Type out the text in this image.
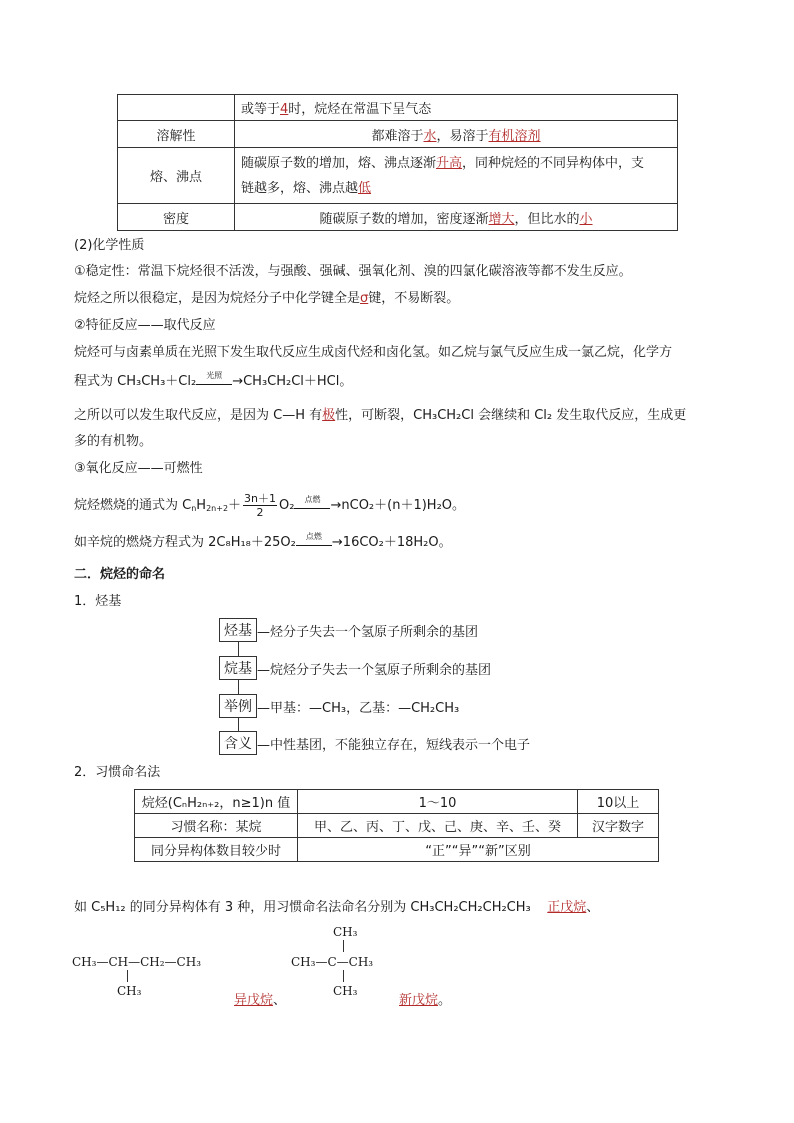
	或等于4时，烷烃在常温下呈气态
溶解性	都难溶于水，易溶于有机溶剂
熔、沸点	随碳原子数的增加，熔、沸点逐渐升高，同种烷烃的不同异构体中，支
链越多，熔、沸点越低
密度	随碳原子数的增加，密度逐渐增大，但比水的小
(2)化学性质
①稳定性：常温下烷烃很不活泼，与强酸、强碱、强氧化剂、溴的四氯化碳溶液等都不发生反应。
烷烃之所以很稳定，是因为烷烃分子中化学键全是σ键，不易断裂。
②特征反应——取代反应
烷烃可与卤素单质在光照下发生取代反应生成卤代烃和卤化氢。如乙烷与氯气反应生成一氯乙烷，化学方
程式为 CH₃CH₃＋Cl₂	光照 →CH₃CH₂Cl＋HCl。
之所以可以发生取代反应，是因为 C—H 有极性，可断裂，CH₃CH₂Cl 会继续和 Cl₂ 发生取代反应，生成更
多的有机物。
③氧化反应——可燃性
烷烃燃烧的通式为 $C_nH_{2n+2}+ \frac{3n+1}{2} O_2$	点燃 →nCO₂＋(n＋1)H₂O。
如辛烷的燃烧方程式为 2C₈H₁₈＋25O₂	点燃 →16CO₂＋18H₂O。
二．烷烃的命名
1．烃基
烃基 —烃分子失去一个氢原子所剩余的基团
烷基 —烷烃分子失去一个氢原子所剩余的基团
举例 —甲基：—CH₃，乙基：—CH₂CH₃
含义 —中性基团，不能独立存在，短线表示一个电子
2．习惯命名法
烷烃(CₙH₂ₙ₊₂，n≥1)n 值	1～10	10以上
习惯名称：某烷	甲、乙、丙、丁、戊、己、庚、辛、壬、癸	汉字数字
同分异构体数目较少时	“正”“异”“新”区别	
如 C₅H₁₂ 的同分异构体有 3 种，用习惯命名法命名分别为 CH₃CH₂CH₂CH₂CH₃ 正戊烷、
CH₃—CH—CH₂—CH₃
CH₃
异戊烷、
CH₃
CH₃—C—CH₃
CH₃
新戊烷。
